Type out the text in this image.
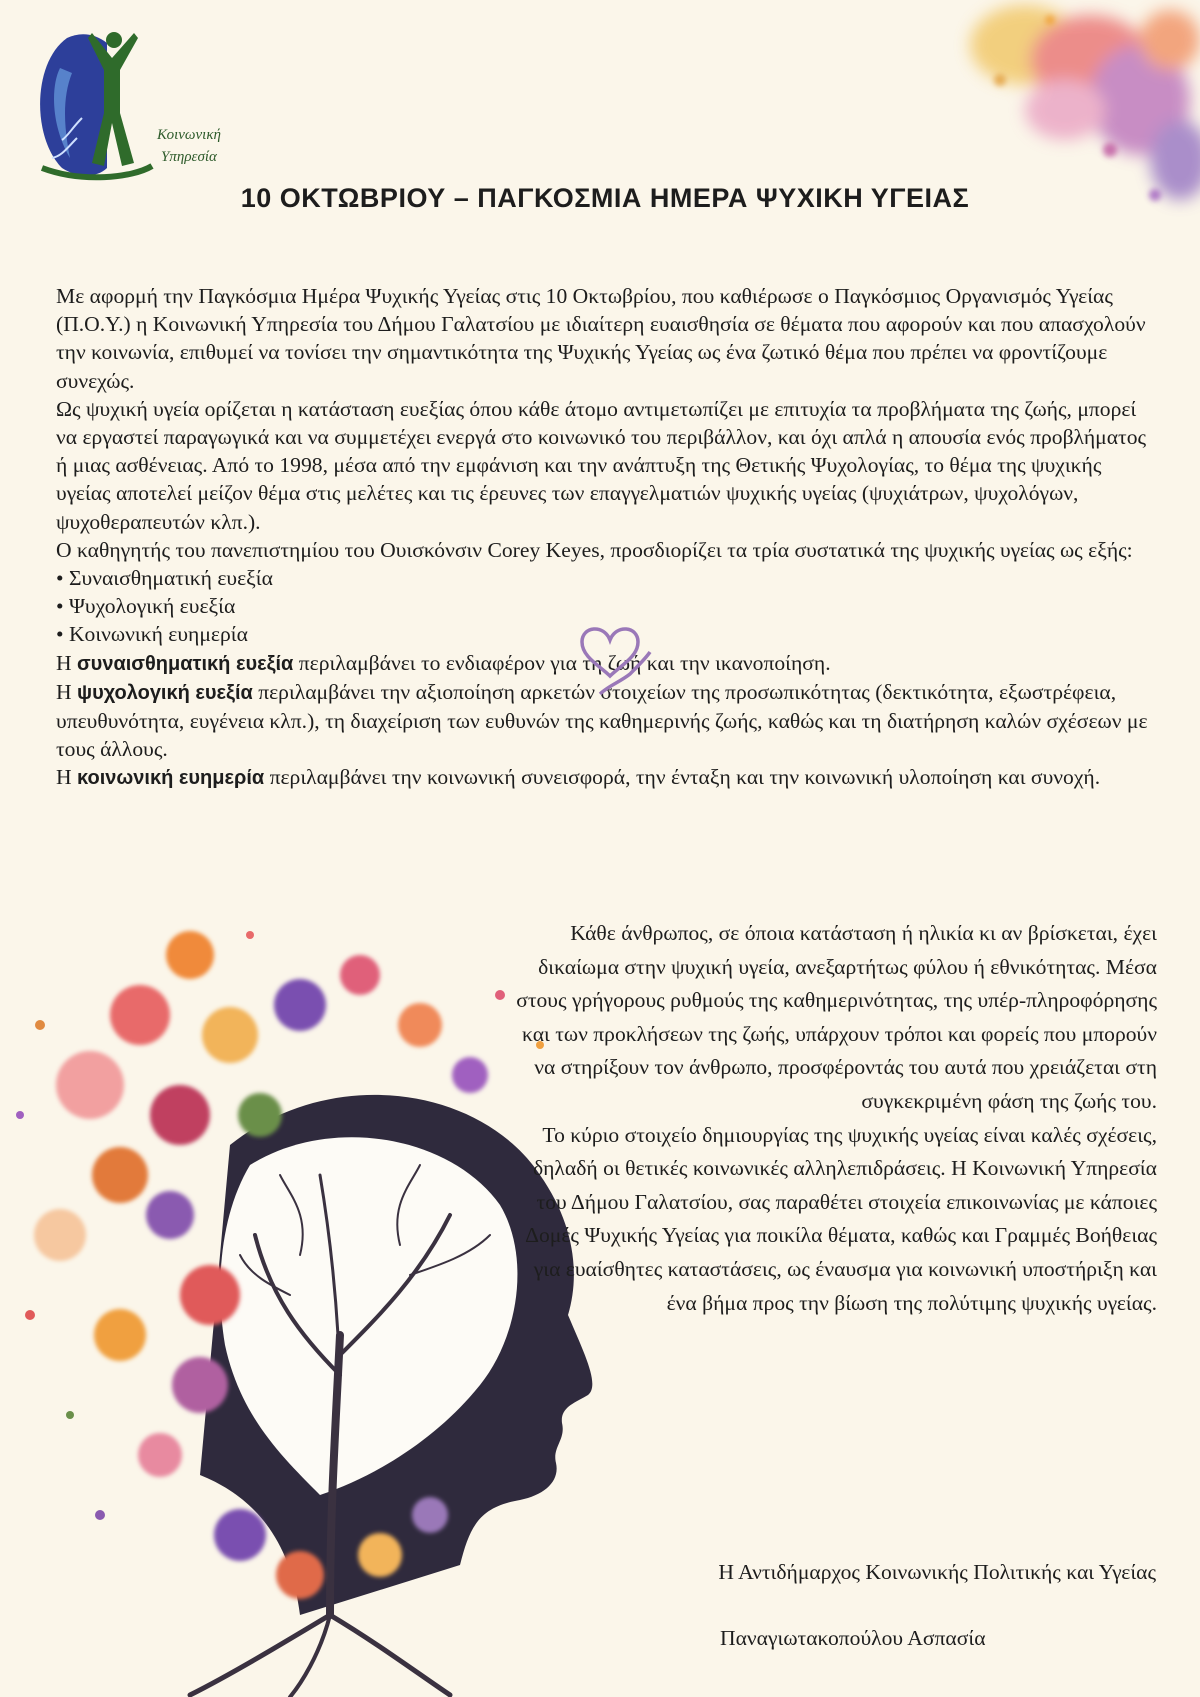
Κοινωνική
Υπηρεσία
10 ΟΚΤΩΒΡΙΟΥ – ΠΑΓΚΟΣΜΙΑ ΗΜΕΡΑ ΨΥΧΙΚΗ ΥΓΕΙΑΣ

Με αφορμή την Παγκόσμια Ημέρα Ψυχικής Υγείας στις 10 Οκτωβρίου, που καθιέρωσε ο Παγκόσμιος Οργανισμός Υγείας (Π.Ο.Υ.) η Κοινωνική Υπηρεσία του Δήμου Γαλατσίου με ιδιαίτερη ευαισθησία σε θέματα που αφορούν και που απασχολούν την κοινωνία, επιθυμεί να τονίσει την σημαντικότητα της Ψυχικής Υγείας ως ένα ζωτικό θέμα που πρέπει να φροντίζουμε συνεχώς.

Ως ψυχική υγεία ορίζεται η κατάσταση ευεξίας όπου κάθε άτομο αντιμετωπίζει με επιτυχία τα προβλήματα της ζωής, μπορεί να εργαστεί παραγωγικά και να συμμετέχει ενεργά στο κοινωνικό του περιβάλλον, και όχι απλά η απουσία ενός προβλήματος ή μιας ασθένειας. Από το 1998, μέσα από την εμφάνιση και την ανάπτυξη της Θετικής Ψυχολογίας, το θέμα της ψυχικής υγείας αποτελεί μείζον θέμα στις μελέτες και τις έρευνες των επαγγελματιών ψυχικής υγείας (ψυχιάτρων, ψυχολόγων, ψυχοθεραπευτών κλπ.).

Ο καθηγητής του πανεπιστημίου του Ουισκόνσιν Corey Keyes, προσδιορίζει τα τρία συστατικά της ψυχικής υγείας ως εξής:

• Συναισθηματική ευεξία

• Ψυχολογική ευεξία

• Κοινωνική ευημερία

Η συναισθηματική ευεξία περιλαμβάνει το ενδιαφέρον για τη ζωή και την ικανοποίηση.

Η ψυχολογική ευεξία περιλαμβάνει την αξιοποίηση αρκετών στοιχείων της προσωπικότητας (δεκτικότητα, εξωστρέφεια, υπευθυνότητα, ευγένεια κλπ.), τη διαχείριση των ευθυνών της καθημερινής ζωής, καθώς και τη διατήρηση καλών σχέσεων με τους άλλους.

Η κοινωνική ευημερία περιλαμβάνει την κοινωνική συνεισφορά, την ένταξη και την κοινωνική υλοποίηση και συνοχή.

Κάθε άνθρωπος, σε όποια κατάσταση ή ηλικία κι αν βρίσκεται, έχει δικαίωμα στην ψυχική υγεία, ανεξαρτήτως φύλου ή εθνικότητας. Μέσα στους γρήγορους ρυθμούς της καθημερινότητας, της υπέρ-πληροφόρησης και των προκλήσεων της ζωής, υπάρχουν τρόποι και φορείς που μπορούν να στηρίξουν τον άνθρωπο, προσφέροντάς του αυτά που χρειάζεται στη συγκεκριμένη φάση της ζωής του.

Το κύριο στοιχείο δημιουργίας της ψυχικής υγείας είναι καλές σχέσεις, δηλαδή οι θετικές κοινωνικές αλληλεπιδράσεις. Η Κοινωνική Υπηρεσία του Δήμου Γαλατσίου, σας παραθέτει στοιχεία επικοινωνίας με κάποιες Δομές Ψυχικής Υγείας για ποικίλα θέματα, καθώς και Γραμμές Βοήθειας για ευαίσθητες καταστάσεις, ως έναυσμα για κοινωνική υποστήριξη και ένα βήμα προς την βίωση της πολύτιμης ψυχικής υγείας.

Η Αντιδήμαρχος Κοινωνικής Πολιτικής και Υγείας
Παναγιωτακοπούλου Ασπασία
